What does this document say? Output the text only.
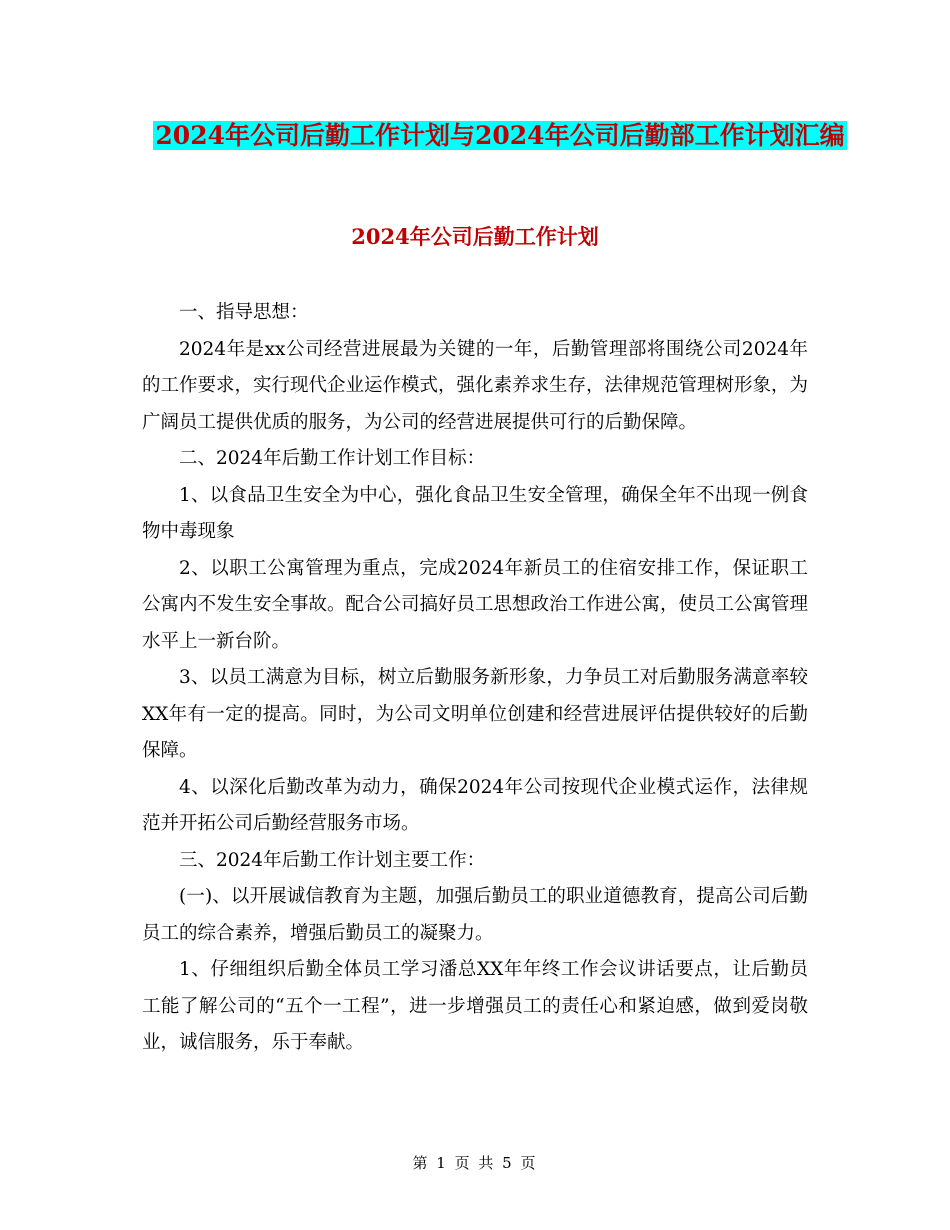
2024年公司后勤工作计划与2024年公司后勤部工作计划汇编
2024年公司后勤工作计划

一、指导思想：

2024年是xx公司经营进展最为关键的一年，后勤管理部将围绕公司2024年的工作要求，实行现代企业运作模式，强化素养求生存，法律规范管理树形象，为广阔员工提供优质的服务，为公司的经营进展提供可行的后勤保障。

二、2024年后勤工作计划工作目标：

1、以食品卫生安全为中心，强化食品卫生安全管理，确保全年不出现一例食物中毒现象

2、以职工公寓管理为重点，完成2024年新员工的住宿安排工作，保证职工公寓内不发生安全事故。配合公司搞好员工思想政治工作进公寓，使员工公寓管理水平上一新台阶。

3、以员工满意为目标，树立后勤服务新形象，力争员工对后勤服务满意率较XX年有一定的提高。同时，为公司文明单位创建和经营进展评估提供较好的后勤保障。

4、以深化后勤改革为动力，确保2024年公司按现代企业模式运作，法律规范并开拓公司后勤经营服务市场。

三、2024年后勤工作计划主要工作：

(一)、以开展诚信教育为主题，加强后勤员工的职业道德教育，提高公司后勤员工的综合素养，增强后勤员工的凝聚力。

1、仔细组织后勤全体员工学习潘总XX年年终工作会议讲话要点，让后勤员工能了解公司的“五个一工程”，进一步增强员工的责任心和紧迫感，做到爱岗敬业，诚信服务，乐于奉献。

第 1 页 共 5 页
